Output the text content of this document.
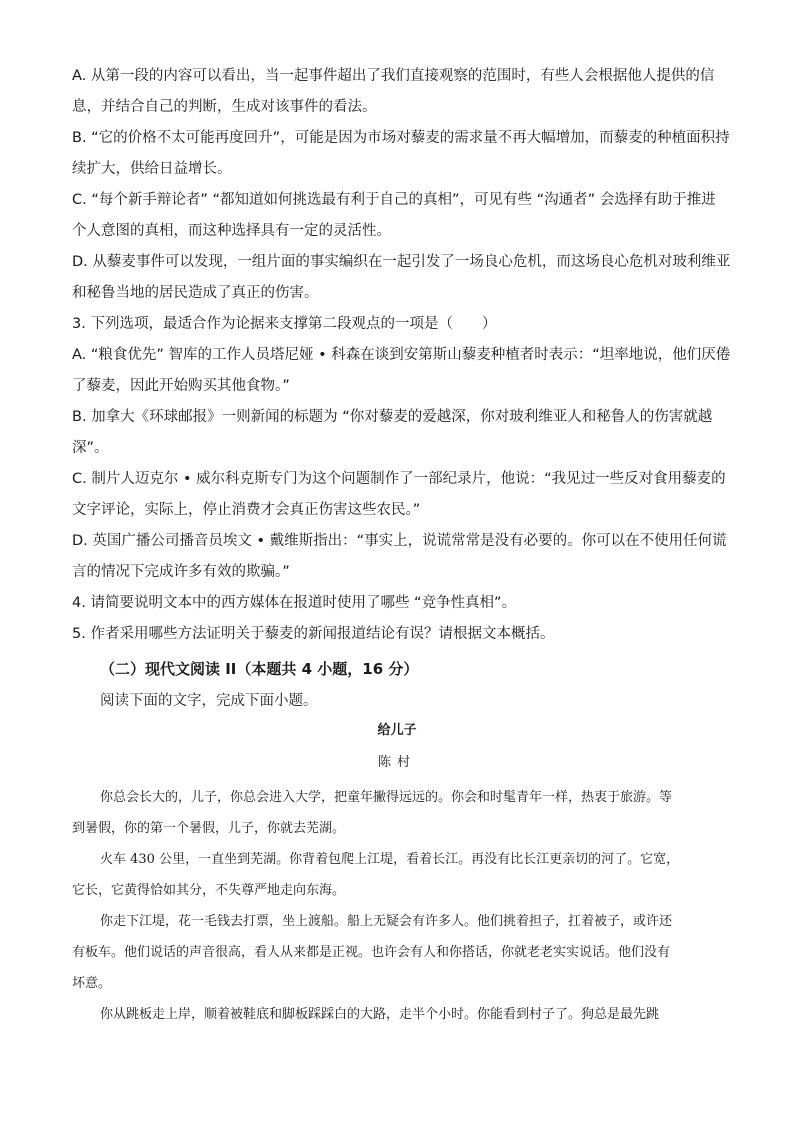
A. 从第一段的内容可以看出，当一起事件超出了我们直接观察的范围时，有些人会根据他人提供的信
息，并结合自己的判断，生成对该事件的看法。
B. “它的价格不太可能再度回升”，可能是因为市场对藜麦的需求量不再大幅增加，而藜麦的种植面积持
续扩大，供给日益增长。
C. “每个新手辩论者” “都知道如何挑选最有利于自己的真相”，可见有些 “沟通者” 会选择有助于推进
个人意图的真相，而这种选择具有一定的灵活性。
D. 从藜麦事件可以发现，一组片面的事实编织在一起引发了一场良心危机，而这场良心危机对玻利维亚
和秘鲁当地的居民造成了真正的伤害。
3. 下列选项，最适合作为论据来支撑第二段观点的一项是（　　）
A. “粮食优先” 智库的工作人员塔尼娅 • 科森在谈到安第斯山藜麦种植者时表示：“坦率地说，他们厌倦
了藜麦，因此开始购买其他食物。”
B. 加拿大《环球邮报》一则新闻的标题为 “你对藜麦的爱越深，你对玻利维亚人和秘鲁人的伤害就越
深”。
C. 制片人迈克尔 • 威尔科克斯专门为这个问题制作了一部纪录片，他说：“我见过一些反对食用藜麦的
文字评论，实际上，停止消费才会真正伤害这些农民。”
D. 英国广播公司播音员埃文 • 戴维斯指出：“事实上，说谎常常是没有必要的。你可以在不使用任何谎
言的情况下完成许多有效的欺骗。”
4. 请简要说明文本中的西方媒体在报道时使用了哪些 “竞争性真相”。
5. 作者采用哪些方法证明关于藜麦的新闻报道结论有误？请根据文本概括。
（二）现代文阅读 II（本题共 4 小题，16 分）
阅读下面的文字，完成下面小题。
给儿子
陈村
你总会长大的，儿子，你总会进入大学，把童年撇得远远的。你会和时髦青年一样，热衷于旅游。等
到暑假，你的第一个暑假，儿子，你就去芜湖。
火车 430 公里，一直坐到芜湖。你背着包爬上江堤，看着长江。再没有比长江更亲切的河了。它宽，
它长，它黄得恰如其分，不失尊严地走向东海。
你走下江堤，花一毛钱去打票，坐上渡船。船上无疑会有许多人。他们挑着担子，扛着被子，或许还
有板车。他们说话的声音很高，看人从来都是正视。也许会有人和你搭话，你就老老实实说话。他们没有
坏意。
你从跳板走上岸，顺着被鞋底和脚板踩踩白的大路，走半个小时。你能看到村子了。狗总是最先跳
